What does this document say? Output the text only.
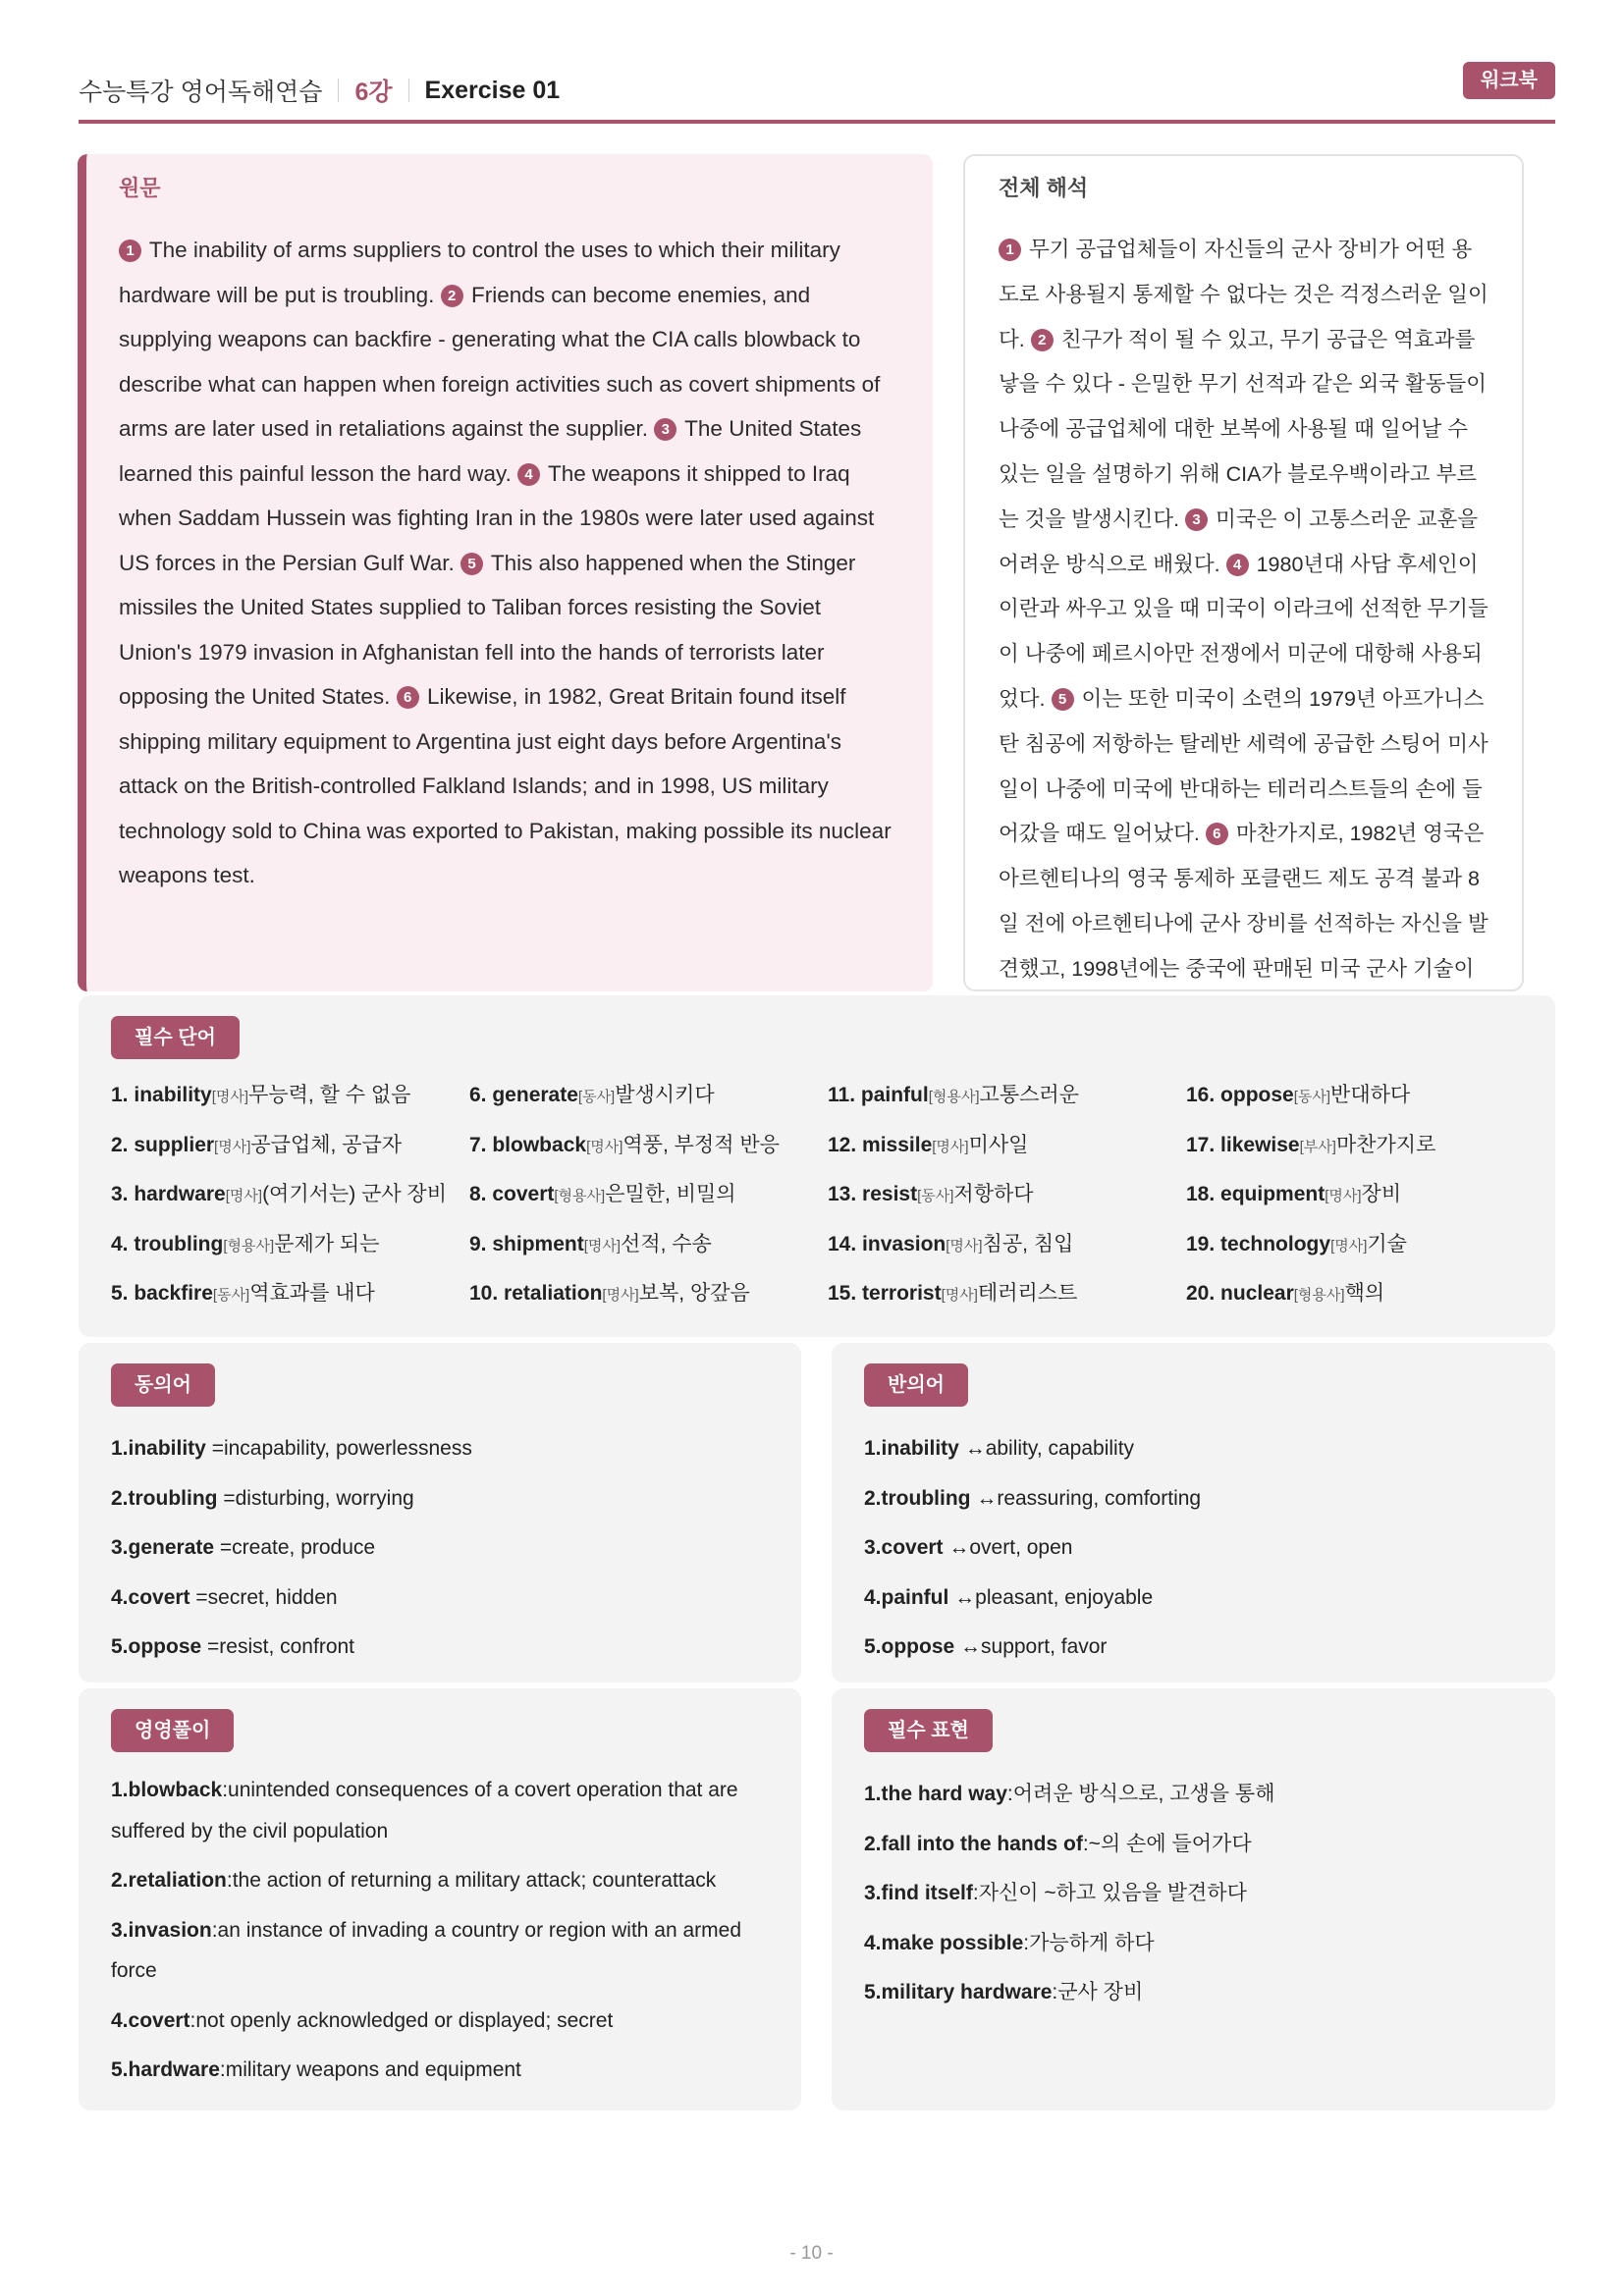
수능특강 영어독해연습 6강 Exercise 01	워크북
원문
1 The inability of arms suppliers to control the uses to which their military hardware will be put is troubling. 2 Friends can become enemies, and supplying weapons can backfire - generating what the CIA calls blowback to describe what can happen when foreign activities such as covert shipments of arms are later used in retaliations against the supplier. 3 The United States learned this painful lesson the hard way. 4 The weapons it shipped to Iraq when Saddam Hussein was fighting Iran in the 1980s were later used against US forces in the Persian Gulf War. 5 This also happened when the Stinger missiles the United States supplied to Taliban forces resisting the Soviet Union's 1979 invasion in Afghanistan fell into the hands of terrorists later opposing the United States. 6 Likewise, in 1982, Great Britain found itself shipping military equipment to Argentina just eight days before Argentina's attack on the British-controlled Falkland Islands; and in 1998, US military technology sold to China was exported to Pakistan, making possible its nuclear weapons test.
전체 해석
1 무기 공급업체들이 자신들의 군사 장비가 어떤 용도로 사용될지 통제할 수 없다는 것은 걱정스러운 일이다. 2 친구가 적이 될 수 있고, 무기 공급은 역효과를 낳을 수 있다 - 은밀한 무기 선적과 같은 외국 활동들이 나중에 공급업체에 대한 보복에 사용될 때 일어날 수 있는 일을 설명하기 위해 CIA가 블로우백이라고 부르는 것을 발생시킨다. 3 미국은 이 고통스러운 교훈을 어려운 방식으로 배웠다. 4 1980년대 사담 후세인이 이란과 싸우고 있을 때 미국이 이라크에 선적한 무기들이 나중에 페르시아만 전쟁에서 미군에 대항해 사용되었다. 5 이는 또한 미국이 소련의 1979년 아프가니스탄 침공에 저항하는 탈레반 세력에 공급한 스팅어 미사일이 나중에 미국에 반대하는 테러리스트들의 손에 들어갔을 때도 일어났다. 6 마찬가지로, 1982년 영국은 아르헨티나의 영국 통제하 포클랜드 제도 공격 불과 8일 전에 아르헨티나에 군사 장비를 선적하는 자신을 발견했고, 1998년에는 중국에 판매된 미국 군사 기술이
필수 단어
1. inability[명사]무능력, 할 수 없음
2. supplier[명사]공급업체, 공급자
3. hardware[명사](여기서는) 군사 장비
4. troubling[형용사]문제가 되는
5. backfire[동사]역효과를 내다
6. generate[동사]발생시키다
7. blowback[명사]역풍, 부정적 반응
8. covert[형용사]은밀한, 비밀의
9. shipment[명사]선적, 수송
10. retaliation[명사]보복, 앙갚음
11. painful[형용사]고통스러운
12. missile[명사]미사일
13. resist[동사]저항하다
14. invasion[명사]침공, 침입
15. terrorist[명사]테러리스트
16. oppose[동사]반대하다
17. likewise[부사]마찬가지로
18. equipment[명사]장비
19. technology[명사]기술
20. nuclear[형용사]핵의
동의어
1.inability =incapability, powerlessness
2.troubling =disturbing, worrying
3.generate =create, produce
4.covert =secret, hidden
5.oppose =resist, confront
반의어
1.inability ↔ability, capability
2.troubling ↔reassuring, comforting
3.covert ↔overt, open
4.painful ↔pleasant, enjoyable
5.oppose ↔support, favor
영영풀이
1.blowback:unintended consequences of a covert operation that are suffered by the civil population
2.retaliation:the action of returning a military attack; counterattack
3.invasion:an instance of invading a country or region with an armed force
4.covert:not openly acknowledged or displayed; secret
5.hardware:military weapons and equipment
필수 표현
1.the hard way:어려운 방식으로, 고생을 통해
2.fall into the hands of:~의 손에 들어가다
3.find itself:자신이 ~하고 있음을 발견하다
4.make possible:가능하게 하다
5.military hardware:군사 장비
- 10 -
